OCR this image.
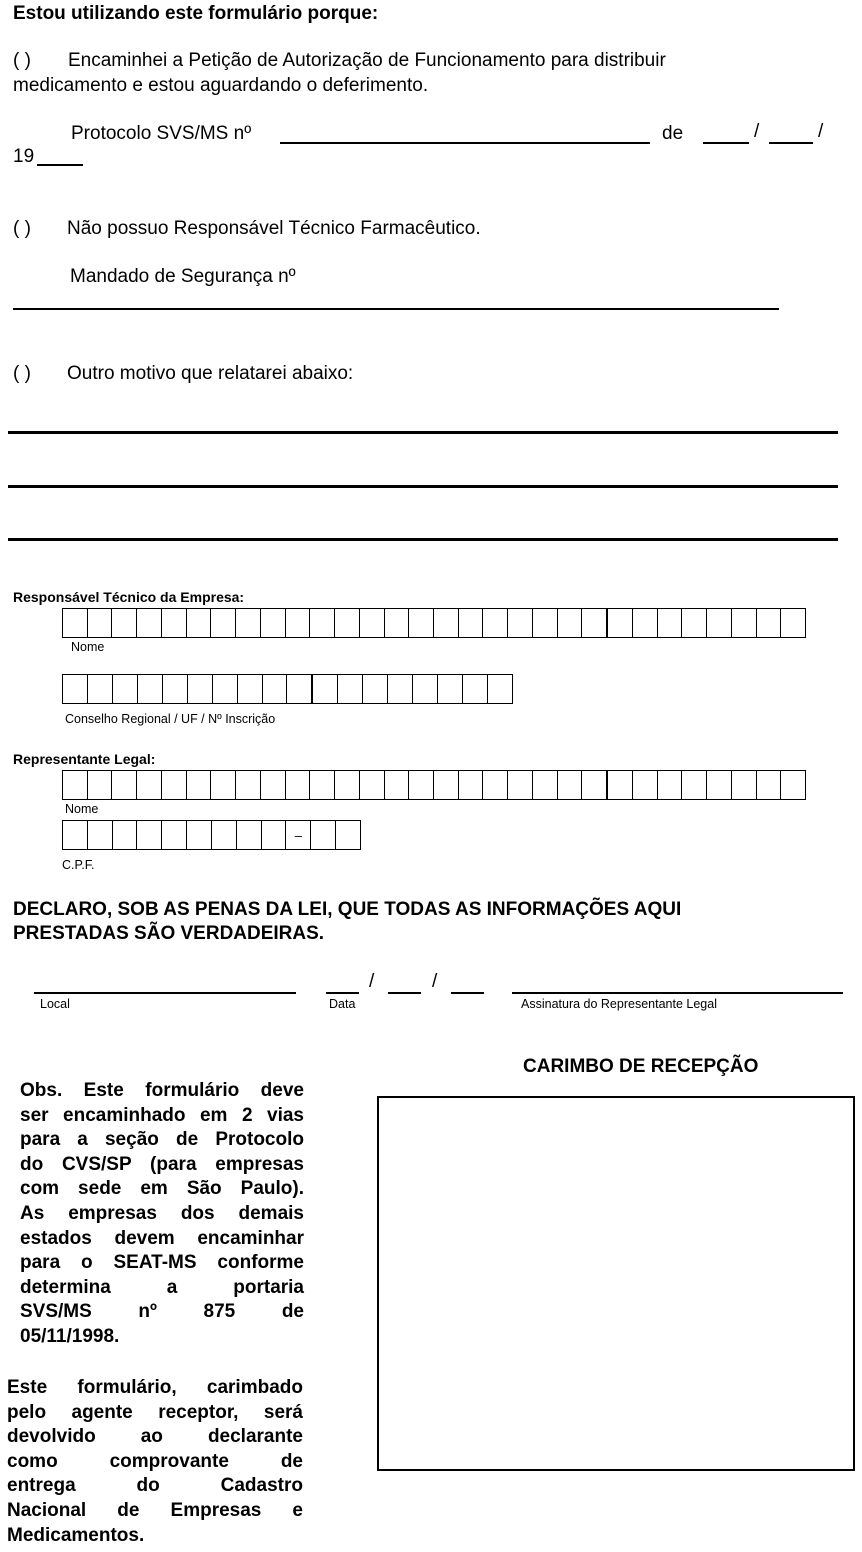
Estou utilizando este formulário porque:
( ) Encaminhei a Petição de Autorização de Funcionamento para distribuir
medicamento e estou aguardando o deferimento.
Protocolo SVS/MS nº	de	/	/
19
( ) Não possuo Responsável Técnico Farmacêutico.
Mandado de Segurança nº
( ) Outro motivo que relatarei abaixo:
Responsável Técnico da Empresa:
Nome
Conselho Regional / UF / Nº Inscrição
Representante Legal:
Nome
–
C.P.F.
DECLARO, SOB AS PENAS DA LEI, QUE TODAS AS INFORMAÇÕES AQUI
PRESTADAS SÃO VERDADEIRAS.
Local
/	/
Data	Assinatura do Representante Legal
CARIMBO DE RECEPÇÃO
Obs. Este formulário deve
ser encaminhado em 2 vias
para a seção de Protocolo
do CVS/SP (para empresas
com sede em São Paulo).
As empresas dos demais
estados devem encaminhar
para o SEAT-MS conforme
determina a portaria
SVS/MS nº 875 de
05/11/1998.
Este formulário, carimbado
pelo agente receptor, será
devolvido ao declarante
como comprovante de
entrega do Cadastro
Nacional de Empresas e
Medicamentos.
